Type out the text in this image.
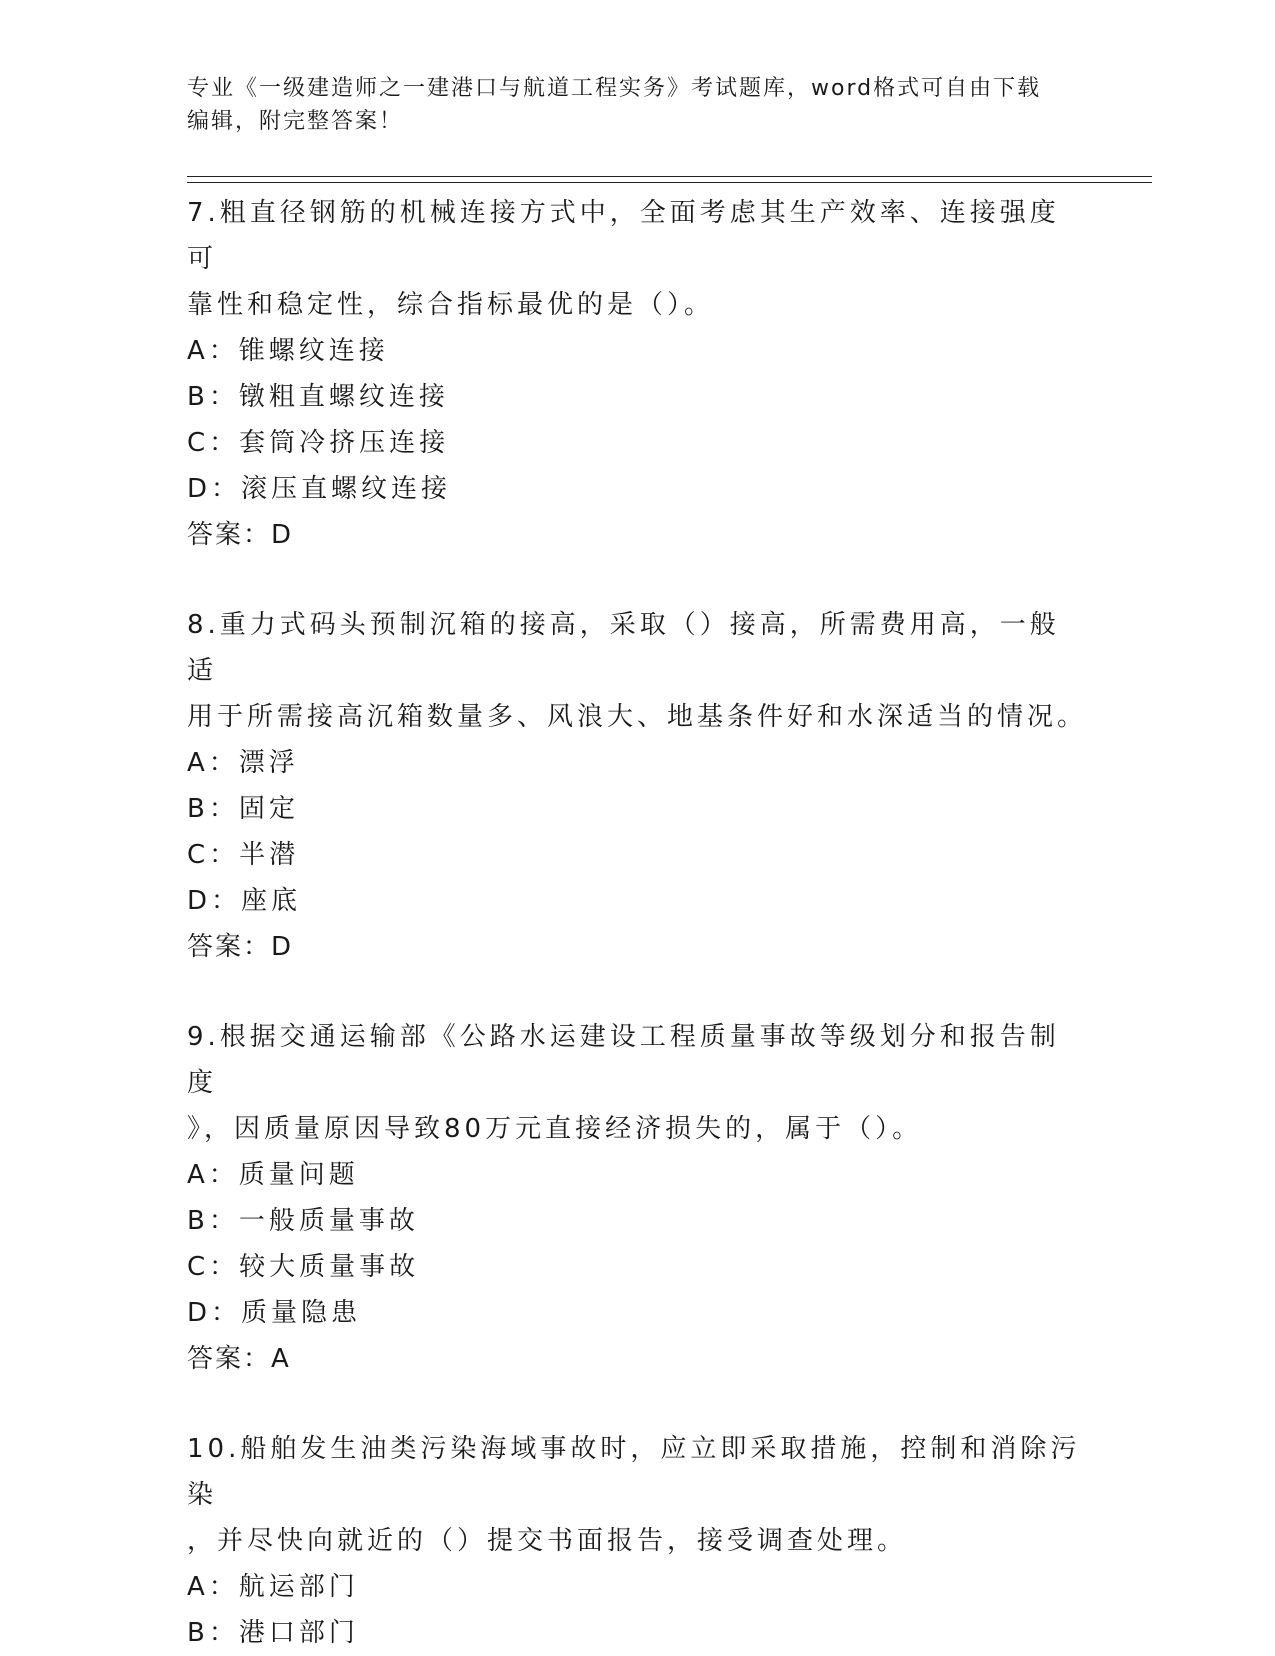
专业《一级建造师之一建港口与航道工程实务》考试题库，word格式可自由下载
编辑，附完整答案！
7.粗直径钢筋的机械连接方式中，全面考虑其生产效率、连接强度可
靠性和稳定性，综合指标最优的是（）。
A：锥螺纹连接
B：镦粗直螺纹连接
C：套筒冷挤压连接
D：滚压直螺纹连接
答案：D
8.重力式码头预制沉箱的接高，采取（）接高，所需费用高，一般适
用于所需接高沉箱数量多、风浪大、地基条件好和水深适当的情况。
A：漂浮
B：固定
C：半潜
D：座底
答案：D
9.根据交通运输部《公路水运建设工程质量事故等级划分和报告制度
》，因质量原因导致80万元直接经济损失的，属于（）。
A：质量问题
B：一般质量事故
C：较大质量事故
D：质量隐患
答案：A
10.船舶发生油类污染海域事故时，应立即采取措施，控制和消除污染
，并尽快向就近的（）提交书面报告，接受调查处理。
A：航运部门
B：港口部门
